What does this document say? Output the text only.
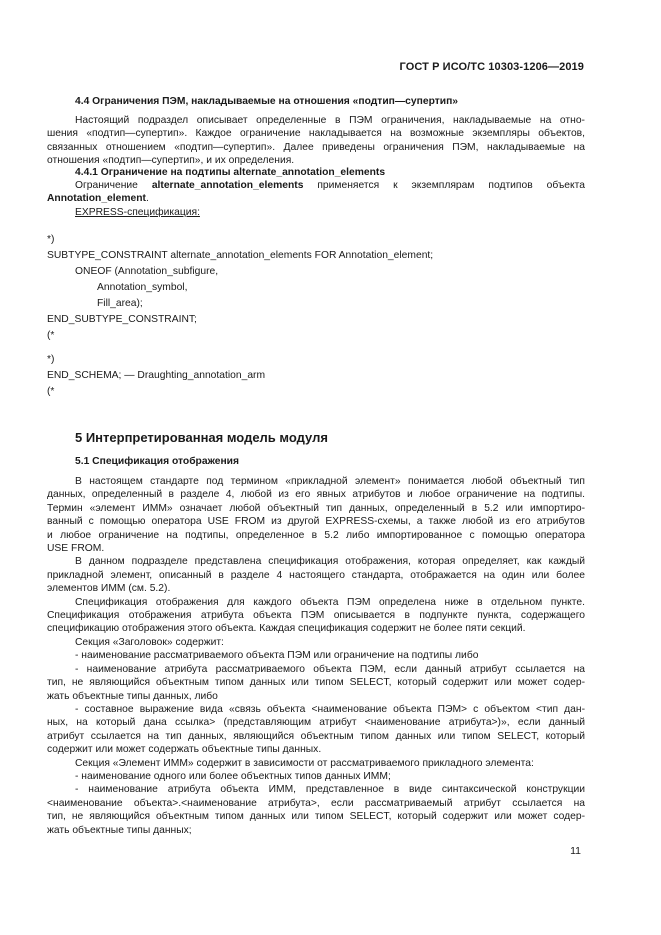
ГОСТ Р ИСО/ТС 10303-1206—2019
4.4 Ограничения ПЭМ, накладываемые на отношения «подтип—супертип»
Настоящий подраздел описывает определенные в ПЭМ ограничения, накладываемые на отно-
шения «подтип—супертип». Каждое ограничение накладывается на возможные экземпляры объектов,
связанных отношением «подтип—супертип». Далее приведены ограничения ПЭМ, накладываемые на
отношения «подтип—супертип», и их определения.
4.4.1 Ограничение на подтипы alternate_annotation_elements
Ограничение alternate_annotation_elements применяется к экземплярам подтипов объекта
Annotation_element.
EXPRESS-спецификация:
*)
SUBTYPE_CONSTRAINT alternate_annotation_elements FOR Annotation_element;
ONEOF (Annotation_subfigure,
Annotation_symbol,
Fill_area);
END_SUBTYPE_CONSTRAINT;
(*
*)
END_SCHEMA; — Draughting_annotation_arm
(*
5 Интерпретированная модель модуля
5.1 Спецификация отображения
В настоящем стандарте под термином «прикладной элемент» понимается любой объектный тип
данных, определенный в разделе 4, любой из его явных атрибутов и любое ограничение на подтипы.
Термин «элемент ИММ» означает любой объектный тип данных, определенный в 5.2 или импортиро-
ванный с помощью оператора USE FROM из другой EXPRESS-схемы, а также любой из его атрибутов
и любое ограничение на подтипы, определенное в 5.2 либо импортированное с помощью оператора
USE FROM.
В данном подразделе представлена спецификация отображения, которая определяет, как каждый
прикладной элемент, описанный в разделе 4 настоящего стандарта, отображается на один или более
элементов ИММ (см. 5.2).
Спецификация отображения для каждого объекта ПЭМ определена ниже в отдельном пункте.
Спецификация отображения атрибута объекта ПЭМ описывается в подпункте пункта, содержащего
спецификацию отображения этого объекта. Каждая спецификация содержит не более пяти секций.
Секция «Заголовок» содержит:
- наименование рассматриваемого объекта ПЭМ или ограничение на подтипы либо
- наименование атрибута рассматриваемого объекта ПЭМ, если данный атрибут ссылается на
тип, не являющийся объектным типом данных или типом SELECT, который содержит или может содер-
жать объектные типы данных, либо
- составное выражение вида «связь объекта <наименование объекта ПЭМ> с объектом <тип дан-
ных, на который дана ссылка> (представляющим атрибут <наименование атрибута>)», если данный
атрибут ссылается на тип данных, являющийся объектным типом данных или типом SELECT, который
содержит или может содержать объектные типы данных.
Секция «Элемент ИММ» содержит в зависимости от рассматриваемого прикладного элемента:
- наименование одного или более объектных типов данных ИММ;
- наименование атрибута объекта ИММ, представленное в виде синтаксической конструкции
<наименование объекта>.<наименование атрибута>, если рассматриваемый атрибут ссылается на
тип, не являющийся объектным типом данных или типом SELECT, который содержит или может содер-
жать объектные типы данных;
11
